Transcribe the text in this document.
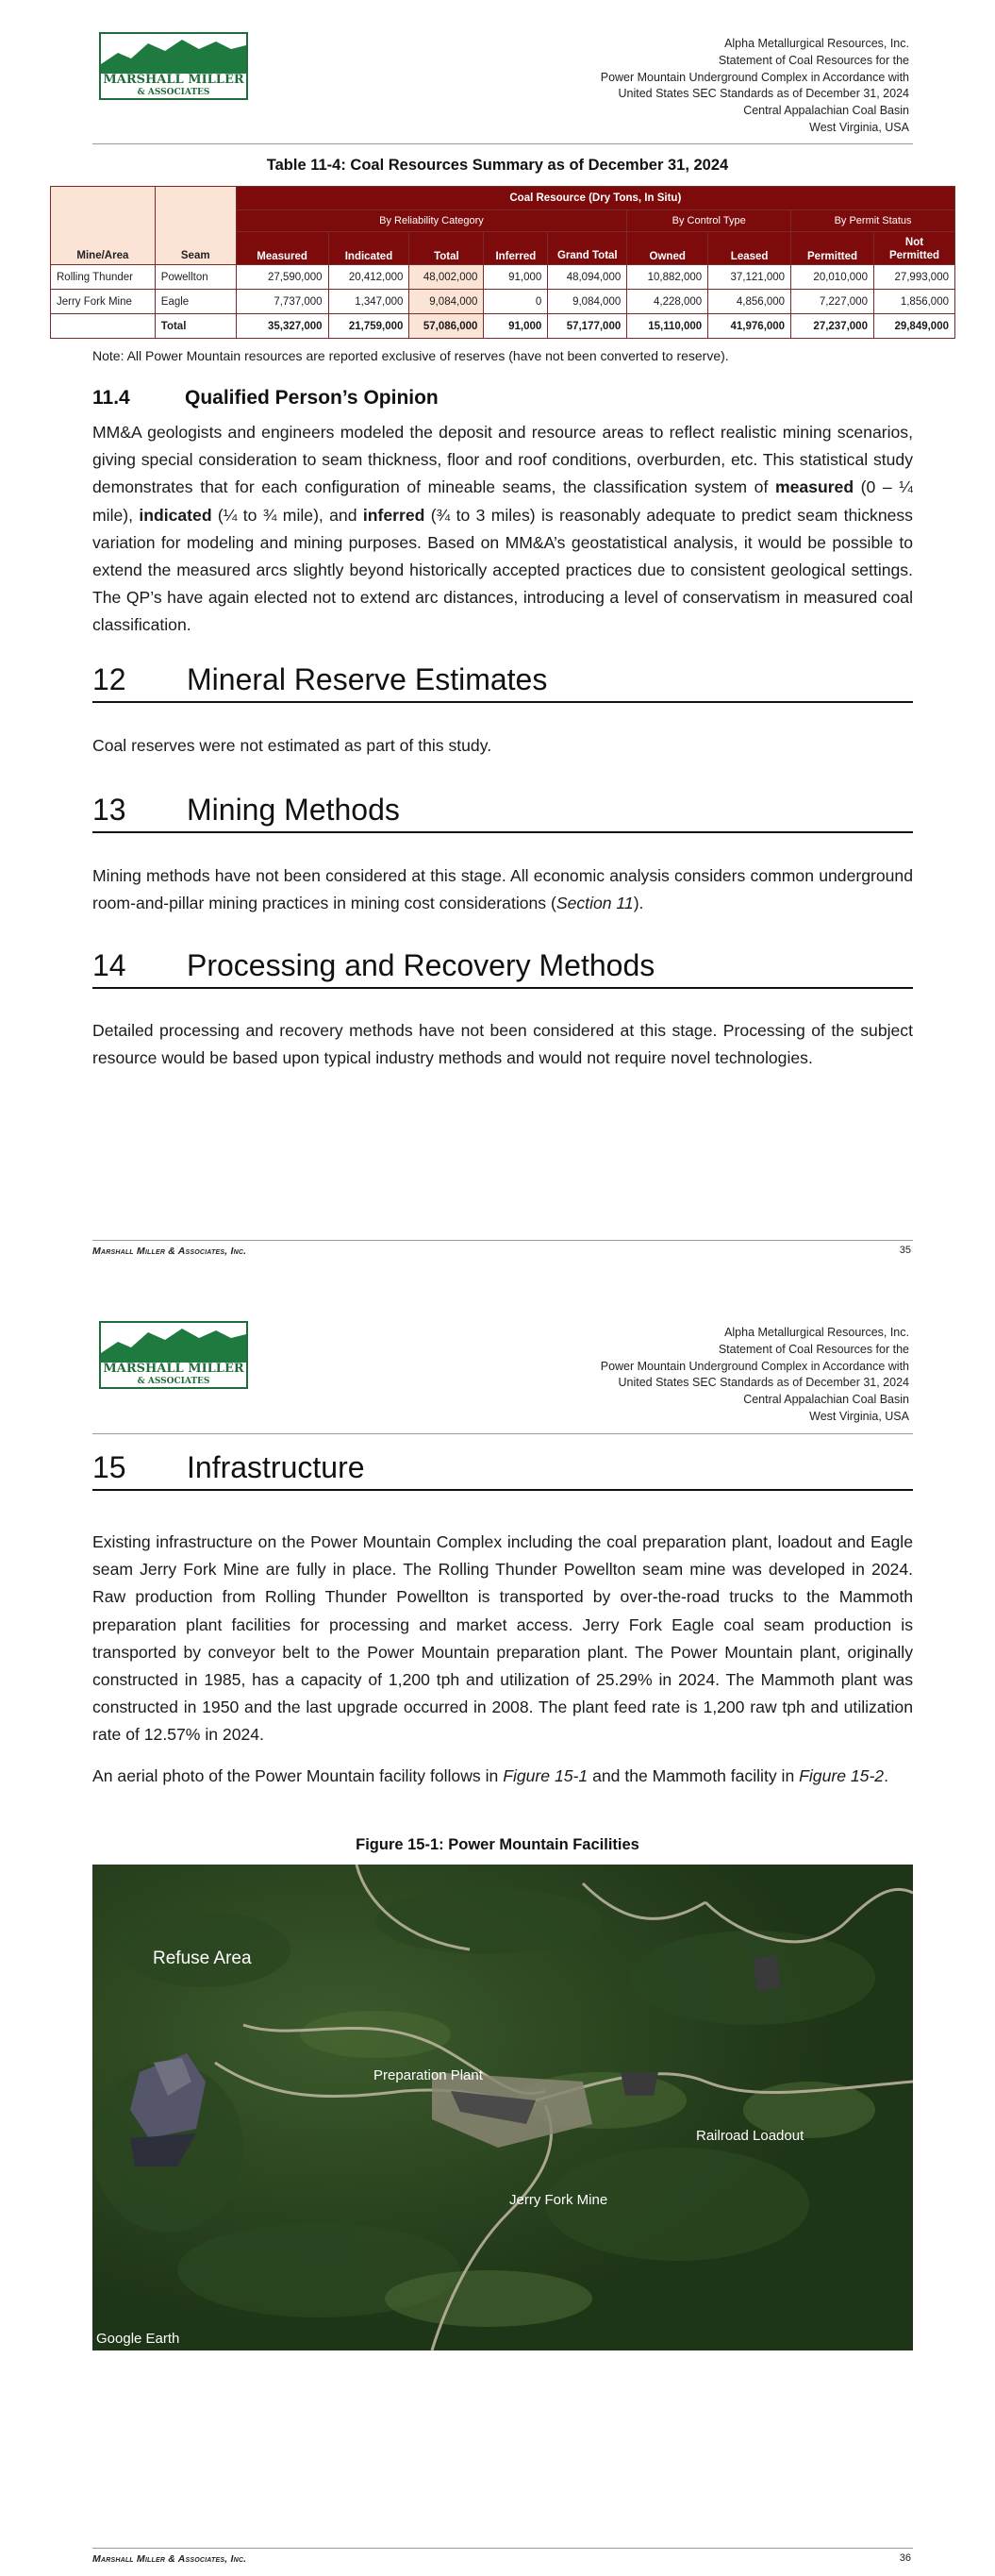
MARSHALL MILLER
& ASSOCIATES
Alpha Metallurgical Resources, Inc.
Statement of Coal Resources for the
Power Mountain Underground Complex in Accordance with
United States SEC Standards as of December 31, 2024
Central Appalachian Coal Basin
West Virginia, USA
Table 11-4: Coal Resources Summary as of December 31, 2024
Mine/Area	Seam	Coal Resource (Dry Tons, In Situ)								
		By Reliability Category					By Control Type		By Permit Status	
		Measured	Indicated	Total	Inferred	Grand Total	Owned	Leased	Permitted	Not Permitted
Rolling Thunder	Powellton	27,590,000	20,412,000	48,002,000	91,000	48,094,000	10,882,000	37,121,000	20,010,000	27,993,000
Jerry Fork Mine	Eagle	7,737,000	1,347,000	9,084,000	0	9,084,000	4,228,000	4,856,000	7,227,000	1,856,000
	Total	35,327,000	21,759,000	57,086,000	91,000	57,177,000	15,110,000	41,976,000	27,237,000	29,849,000
Note: All Power Mountain resources are reported exclusive of reserves (have not been converted to reserve).
11.4	Qualified Person’s Opinion
MM&A geologists and engineers modeled the deposit and resource areas to reflect realistic mining scenarios, giving special consideration to seam thickness, floor and roof conditions, overburden, etc. This statistical study demonstrates that for each configuration of mineable seams, the classification system of measured (0 – ¼ mile), indicated (¼ to ¾ mile), and inferred (¾ to 3 miles) is reasonably adequate to predict seam thickness variation for modeling and mining purposes. Based on MM&A’s geostatistical analysis, it would be possible to extend the measured arcs slightly beyond historically accepted practices due to consistent geological settings. The QP’s have again elected not to extend arc distances, introducing a level of conservatism in measured coal classification.
12 Mineral Reserve Estimates
Coal reserves were not estimated as part of this study.
13 Mining Methods
Mining methods have not been considered at this stage. All economic analysis considers common underground room-and-pillar mining practices in mining cost considerations (Section 11).
14 Processing and Recovery Methods
Detailed processing and recovery methods have not been considered at this stage. Processing of the subject resource would be based upon typical industry methods and would not require novel technologies.
Marshall Miller & Associates, Inc.	35
MARSHALL MILLER
& ASSOCIATES
Alpha Metallurgical Resources, Inc.
Statement of Coal Resources for the
Power Mountain Underground Complex in Accordance with
United States SEC Standards as of December 31, 2024
Central Appalachian Coal Basin
West Virginia, USA
15 Infrastructure
Existing infrastructure on the Power Mountain Complex including the coal preparation plant, loadout and Eagle seam Jerry Fork Mine are fully in place. The Rolling Thunder Powellton seam mine was developed in 2024. Raw production from Rolling Thunder Powellton is transported by over-the-road trucks to the Mammoth preparation plant facilities for processing and market access. Jerry Fork Eagle coal seam production is transported by conveyor belt to the Power Mountain preparation plant. The Power Mountain plant, originally constructed in 1985, has a capacity of 1,200 tph and utilization of 25.29% in 2024. The Mammoth plant was constructed in 1950 and the last upgrade occurred in 2008. The plant feed rate is 1,200 raw tph and utilization rate of 12.57% in 2024.
An aerial photo of the Power Mountain facility follows in Figure 15-1 and the Mammoth facility in Figure 15-2.
Figure 15-1: Power Mountain Facilities
Refuse Area
Preparation Plant
Railroad Loadout
Jerry Fork Mine
Google Earth
Marshall Miller & Associates, Inc.	36
